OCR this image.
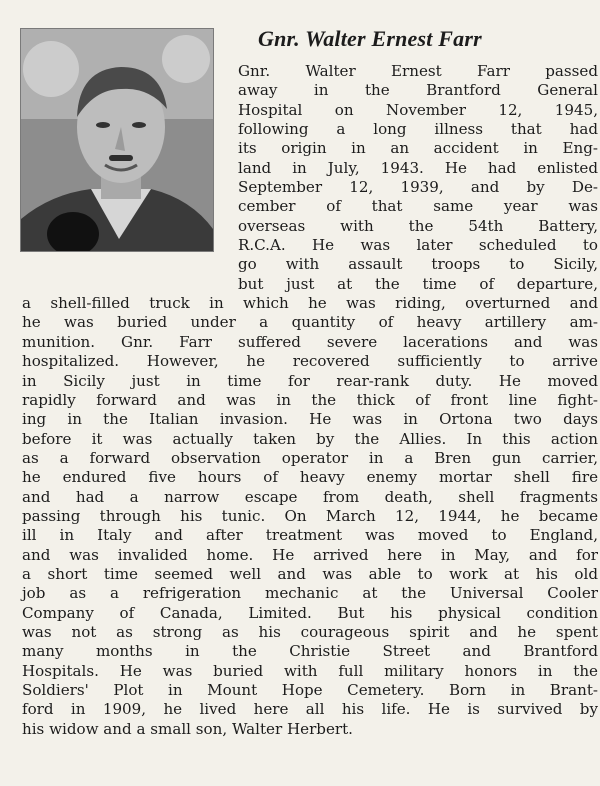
Gnr. Walter Ernest Farr
Gnr. Walter Ernest Farr passed
away in the Brantford General
Hospital on November 12, 1945,
following a long illness that had
its origin in an accident in Eng-
land in July, 1943. He had enlisted
September 12, 1939, and by De-
cember of that same year was
overseas with the 54th Battery,
R.C.A. He was later scheduled to
go with assault troops to Sicily,
but just at the time of departure,
a shell-filled truck in which he was riding, overturned and
he was buried under a quantity of heavy artillery am-
munition. Gnr. Farr suffered severe lacerations and was
hospitalized. However, he recovered sufficiently to arrive
in Sicily just in time for rear-rank duty. He moved
rapidly forward and was in the thick of front line fight-
ing in the Italian invasion. He was in Ortona two days
before it was actually taken by the Allies. In this action
as a forward observation operator in a Bren gun carrier,
he endured five hours of heavy enemy mortar shell fire
and had a narrow escape from death, shell fragments
passing through his tunic. On March 12, 1944, he became
ill in Italy and after treatment was moved to England,
and was invalided home. He arrived here in May, and for
a short time seemed well and was able to work at his old
job as a refrigeration mechanic at the Universal Cooler
Company of Canada, Limited. But his physical condition
was not as strong as his courageous spirit and he spent
many months in the Christie Street and Brantford
Hospitals. He was buried with full military honors in the
Soldiers' Plot in Mount Hope Cemetery. Born in Brant-
ford in 1909, he lived here all his life. He is survived by
his widow and a small son, Walter Herbert.
